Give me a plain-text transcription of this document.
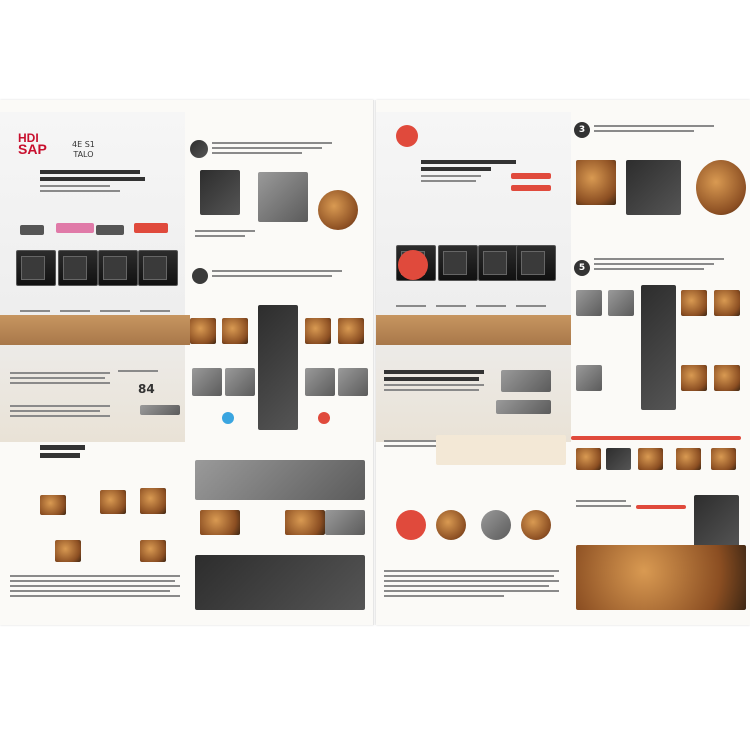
HDI
SAP	4E S1
TALO
84
3
5
